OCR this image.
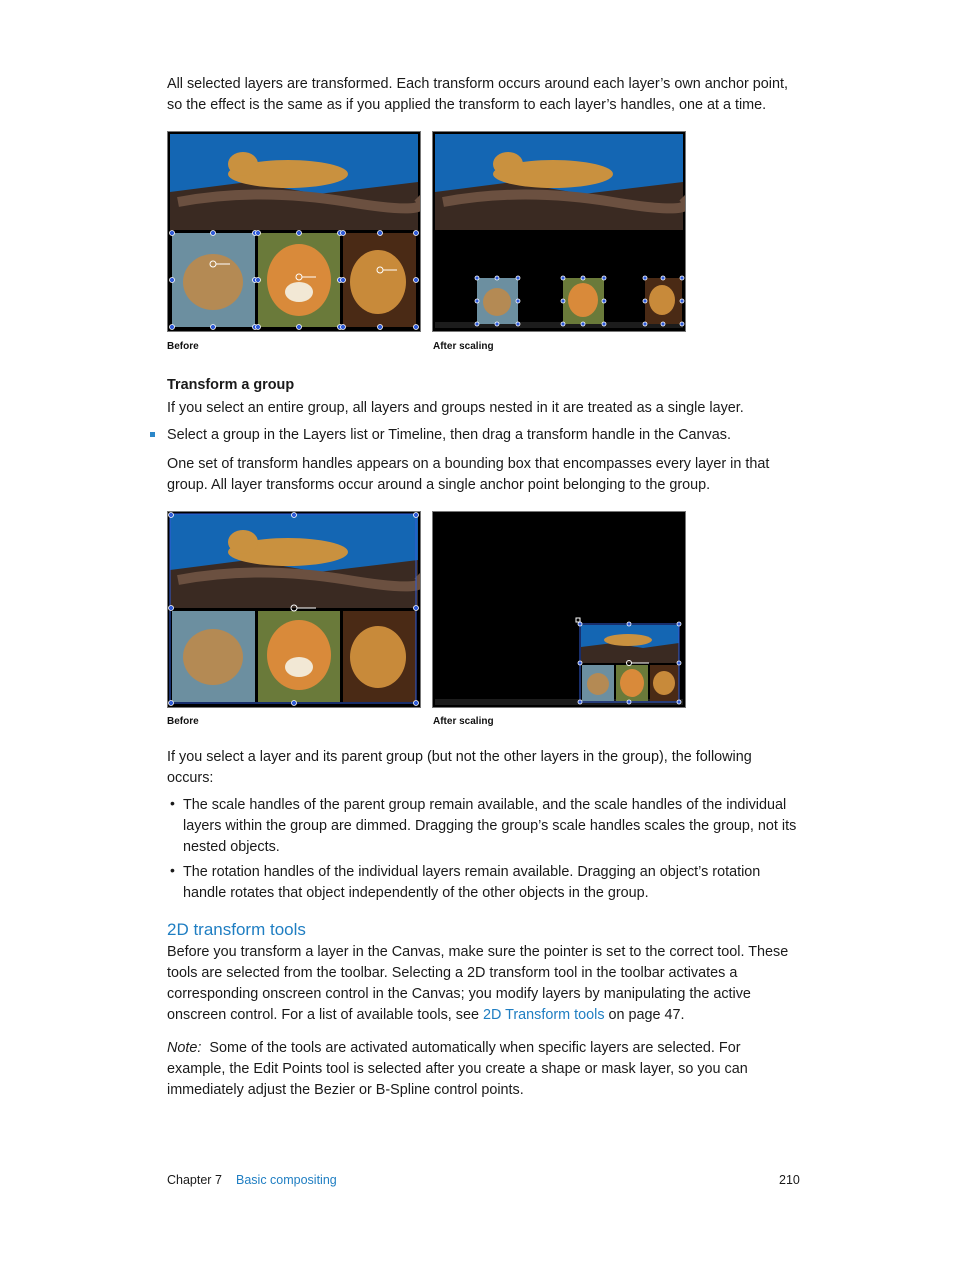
All selected layers are transformed. Each transform occurs around each layer’s own anchor point, so the effect is the same as if you applied the transform to each layer’s handles, one at a time.
Before	After scaling
Transform a group
If you select an entire group, all layers and groups nested in it are treated as a single layer.
Select a group in the Layers list or Timeline, then drag a transform handle in the Canvas.
One set of transform handles appears on a bounding box that encompasses every layer in that group. All layer transforms occur around a single anchor point belonging to the group.
Before	After scaling
If you select a layer and its parent group (but not the other layers in the group), the following occurs:
• The scale handles of the parent group remain available, and the scale handles of the individual layers within the group are dimmed. Dragging the group’s scale handles scales the group, not its nested objects.
• The rotation handles of the individual layers remain available. Dragging an object’s rotation handle rotates that object independently of the other objects in the group.
2D transform tools
Before you transform a layer in the Canvas, make sure the pointer is set to the correct tool. These tools are selected from the toolbar. Selecting a 2D transform tool in the toolbar activates a corresponding onscreen control in the Canvas; you modify layers by manipulating the active onscreen control. For a list of available tools, see 2D Transform tools on page 47.
Note: Some of the tools are activated automatically when specific layers are selected. For example, the Edit Points tool is selected after you create a shape or mask layer, so you can immediately adjust the Bezier or B-Spline control points.
Chapter 7 Basic compositing	210
